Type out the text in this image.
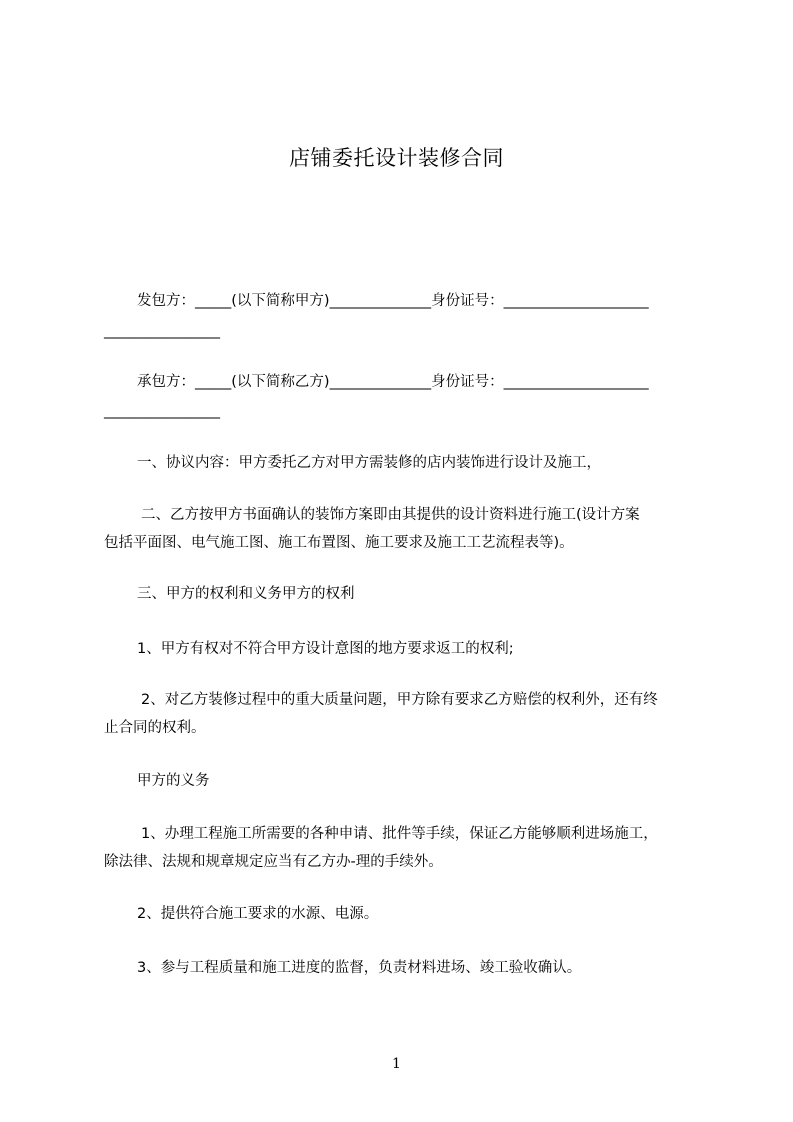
店铺委托设计装修合同
发包方：_____(以下简称甲方)______________身份证号：____________________
________________
承包方：_____(以下简称乙方)______________身份证号：____________________
________________
一、协议内容：甲方委托乙方对甲方需装修的店内装饰进行设计及施工，
二、乙方按甲方书面确认的装饰方案即由其提供的设计资料进行施工(设计方案
包括平面图、电气施工图、施工布置图、施工要求及施工工艺流程表等)。
三、甲方的权利和义务甲方的权利
1、甲方有权对不符合甲方设计意图的地方要求返工的权利;
2、对乙方装修过程中的重大质量问题，甲方除有要求乙方赔偿的权利外，还有终
止合同的权利。
甲方的义务
1、办理工程施工所需要的各种申请、批件等手续，保证乙方能够顺利进场施工，
除法律、法规和规章规定应当有乙方办-理的手续外。
2、提供符合施工要求的水源、电源。
3、参与工程质量和施工进度的监督，负责材料进场、竣工验收确认。
1
